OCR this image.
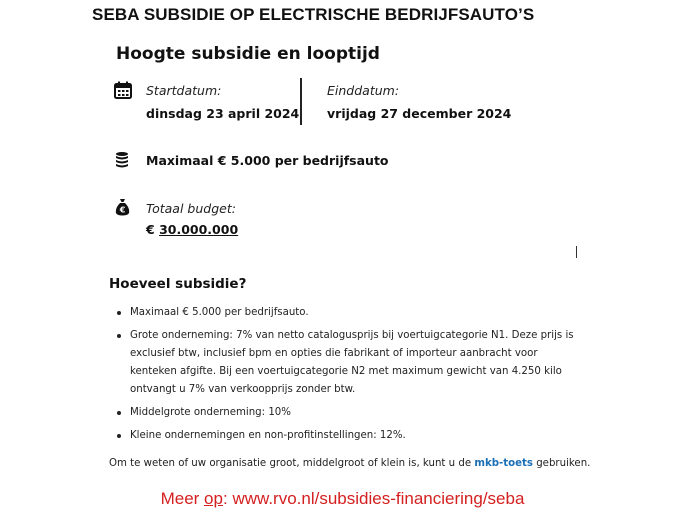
SEBA SUBSIDIE OP ELECTRISCHE BEDRIJFSAUTO’S
Hoogte subsidie en looptijd
Startdatum:
dinsdag 23 april 2024
Einddatum:
vrijdag 27 december 2024
Maximaal € 5.000 per bedrijfsauto
€ Totaal budget:
€ 30.000.000
Hoeveel subsidie?
Maximaal € 5.000 per bedrijfsauto.
Grote onderneming: 7% van netto catalogusprijs bij voertuigcategorie N1. Deze prijs is exclusief btw, inclusief bpm en opties die fabrikant of importeur aanbracht voor kenteken afgifte. Bij een voertuigcategorie N2 met maximum gewicht van 4.250 kilo ontvangt u 7% van verkoopprijs zonder btw.
Middelgrote onderneming: 10%
Kleine ondernemingen en non-profitinstellingen: 12%.
Om te weten of uw organisatie groot, middelgroot of klein is, kunt u de mkb-toets gebruiken.
Meer op: www.rvo.nl/subsidies-financiering/seba
